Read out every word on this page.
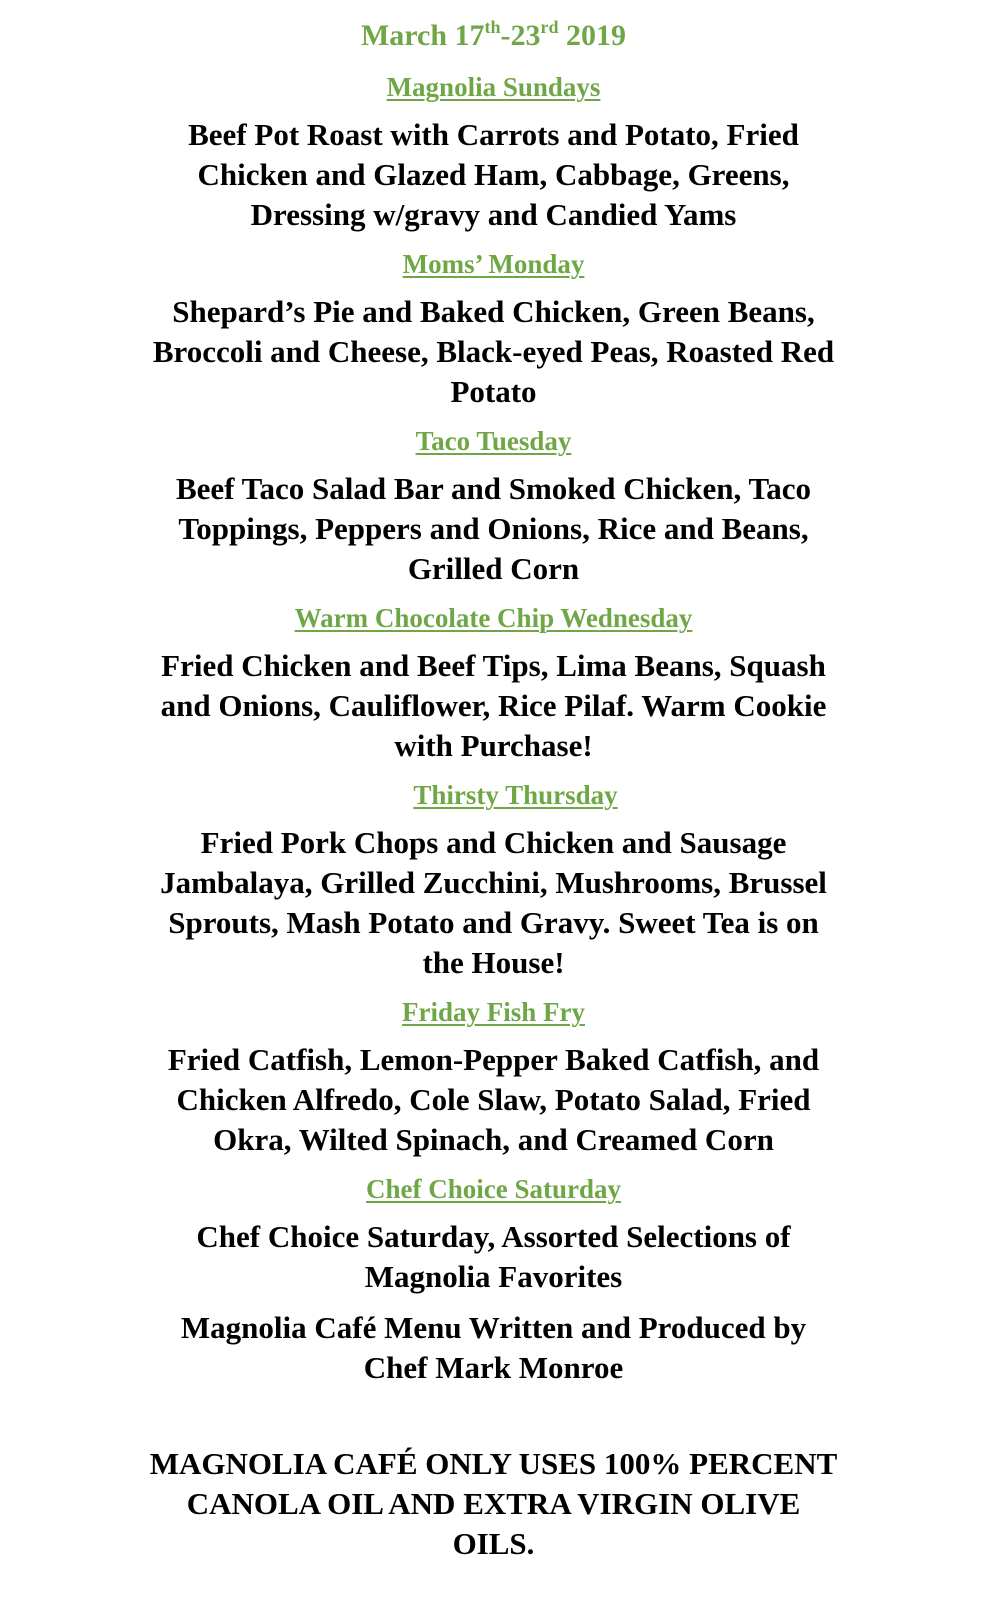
March 17th-23rd 2019
Magnolia Sundays
Beef Pot Roast with Carrots and Potato, Fried
Chicken and Glazed Ham, Cabbage, Greens,
Dressing w/gravy and Candied Yams
Moms’ Monday
Shepard’s Pie and Baked Chicken, Green Beans,
Broccoli and Cheese, Black-eyed Peas, Roasted Red
Potato
Taco Tuesday
Beef Taco Salad Bar and Smoked Chicken, Taco
Toppings, Peppers and Onions, Rice and Beans,
Grilled Corn
Warm Chocolate Chip Wednesday
Fried Chicken and Beef Tips, Lima Beans, Squash
and Onions, Cauliflower, Rice Pilaf. Warm Cookie
with Purchase!
Thirsty Thursday
Fried Pork Chops and Chicken and Sausage
Jambalaya, Grilled Zucchini, Mushrooms, Brussel
Sprouts, Mash Potato and Gravy. Sweet Tea is on
the House!
Friday Fish Fry
Fried Catfish, Lemon-Pepper Baked Catfish, and
Chicken Alfredo, Cole Slaw, Potato Salad, Fried
Okra, Wilted Spinach, and Creamed Corn
Chef Choice Saturday
Chef Choice Saturday, Assorted Selections of
Magnolia Favorites
Magnolia Café Menu Written and Produced by
Chef Mark Monroe
MAGNOLIA CAFÉ ONLY USES 100% PERCENT
CANOLA OIL AND EXTRA VIRGIN OLIVE
OILS.
